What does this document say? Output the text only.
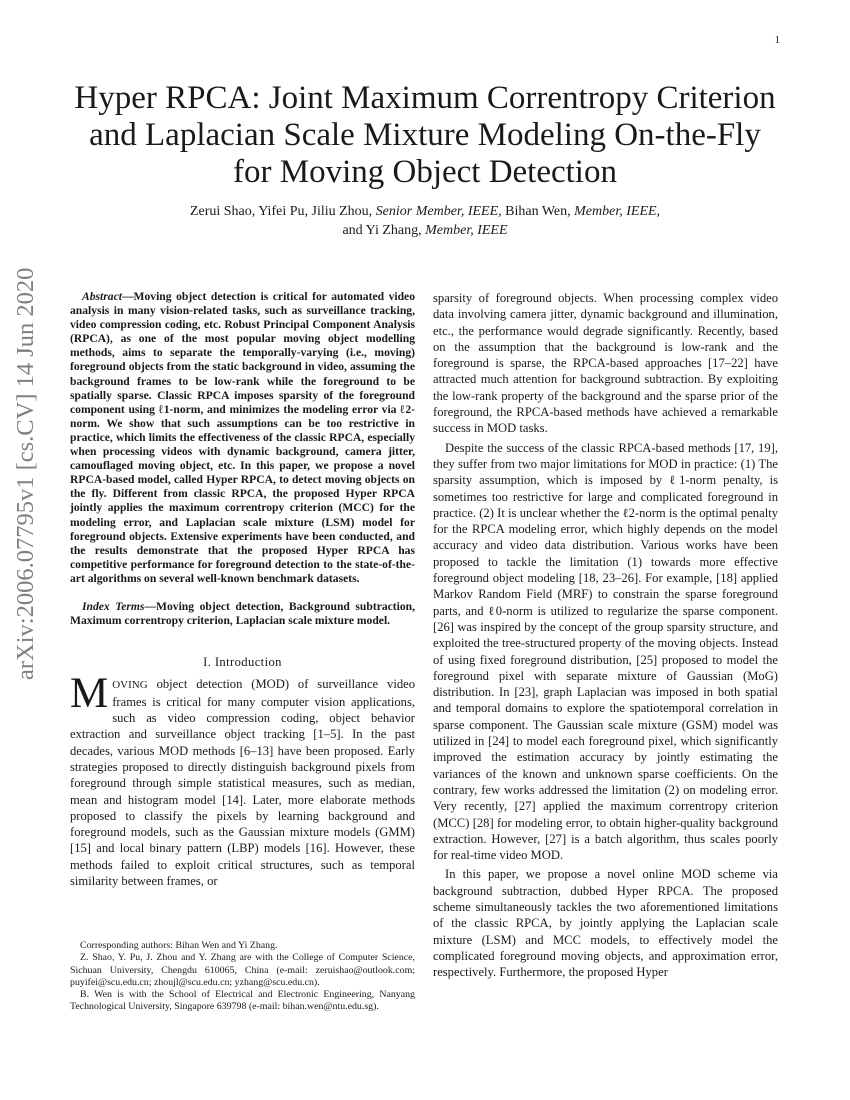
1
arXiv:2006.07795v1 [cs.CV] 14 Jun 2020
Hyper RPCA: Joint Maximum Correntropy Criterion and Laplacian Scale Mixture Modeling On-the-Fly for Moving Object Detection
Zerui Shao, Yifei Pu, Jiliu Zhou, Senior Member, IEEE, Bihan Wen, Member, IEEE,
and Yi Zhang, Member, IEEE

Abstract—Moving object detection is critical for automated video analysis in many vision-related tasks, such as surveillance tracking, video compression coding, etc. Robust Principal Component Analysis (RPCA), as one of the most popular moving object modelling methods, aims to separate the temporally-varying (i.e., moving) foreground objects from the static background in video, assuming the background frames to be low-rank while the foreground to be spatially sparse. Classic RPCA imposes sparsity of the foreground component using ℓ1-norm, and minimizes the modeling error via ℓ2-norm. We show that such assumptions can be too restrictive in practice, which limits the effectiveness of the classic RPCA, especially when processing videos with dynamic background, camera jitter, camouflaged moving object, etc. In this paper, we propose a novel RPCA-based model, called Hyper RPCA, to detect moving objects on the fly. Different from classic RPCA, the proposed Hyper RPCA jointly applies the maximum correntropy criterion (MCC) for the modeling error, and Laplacian scale mixture (LSM) model for foreground objects. Extensive experiments have been conducted, and the results demonstrate that the proposed Hyper RPCA has competitive performance for foreground detection to the state-of-the-art algorithms on several well-known benchmark datasets.

Index Terms—Moving object detection, Background subtraction, Maximum correntropy criterion, Laplacian scale mixture model.

I. Introduction

MOVING object detection (MOD) of surveillance video frames is critical for many computer vision applications, such as video compression coding, object behavior extraction and surveillance object tracking [1–5]. In the past decades, various MOD methods [6–13] have been proposed. Early strategies proposed to directly distinguish background pixels from foreground through simple statistical measures, such as median, mean and histogram model [14]. Later, more elaborate methods proposed to classify the pixels by learning background and foreground models, such as the Gaussian mixture models (GMM) [15] and local binary pattern (LBP) models [16]. However, these methods failed to exploit critical structures, such as temporal similarity between frames, or

sparsity of foreground objects. When processing complex video data involving camera jitter, dynamic background and illumination, etc., the performance would degrade significantly. Recently, based on the assumption that the background is low-rank and the foreground is sparse, the RPCA-based approaches [17–22] have attracted much attention for background subtraction. By exploiting the low-rank property of the background and the sparse prior of the foreground, the RPCA-based methods have achieved a remarkable success in MOD tasks.

Despite the success of the classic RPCA-based methods [17, 19], they suffer from two major limitations for MOD in practice: (1) The sparsity assumption, which is imposed by ℓ1-norm penalty, is sometimes too restrictive for large and complicated foreground in practice. (2) It is unclear whether the ℓ2-norm is the optimal penalty for the RPCA modeling error, which highly depends on the model accuracy and video data distribution. Various works have been proposed to tackle the limitation (1) towards more effective foreground object modeling [18, 23–26]. For example, [18] applied Markov Random Field (MRF) to constrain the sparse foreground parts, and ℓ0-norm is utilized to regularize the sparse component. [26] was inspired by the concept of the group sparsity structure, and exploited the tree-structured property of the moving objects. Instead of using fixed foreground distribution, [25] proposed to model the foreground pixel with separate mixture of Gaussian (MoG) distribution. In [23], graph Laplacian was imposed in both spatial and temporal domains to explore the spatiotemporal correlation in sparse component. The Gaussian scale mixture (GSM) model was utilized in [24] to model each foreground pixel, which significantly improved the estimation accuracy by jointly estimating the variances of the known and unknown sparse coefficients. On the contrary, few works addressed the limitation (2) on modeling error. Very recently, [27] applied the maximum correntropy criterion (MCC) [28] for modeling error, to obtain higher-quality background extraction. However, [27] is a batch algorithm, thus scales poorly for real-time video MOD.

In this paper, we propose a novel online MOD scheme via background subtraction, dubbed Hyper RPCA. The proposed scheme simultaneously tackles the two aforementioned limitations of the classic RPCA, by jointly applying the Laplacian scale mixture (LSM) and MCC models, to effectively model the complicated foreground moving objects, and approximation error, respectively. Furthermore, the proposed Hyper

Corresponding authors: Bihan Wen and Yi Zhang.

Z. Shao, Y. Pu, J. Zhou and Y. Zhang are with the College of Computer Science, Sichuan University, Chengdu 610065, China (e-mail: zeruishao@outlook.com; puyifei@scu.edu.cn; zhoujl@scu.edu.cn; yzhang@scu.edu.cn).

B. Wen is with the School of Electrical and Electronic Engineering, Nanyang Technological University, Singapore 639798 (e-mail: bihan.wen@ntu.edu.sg).
